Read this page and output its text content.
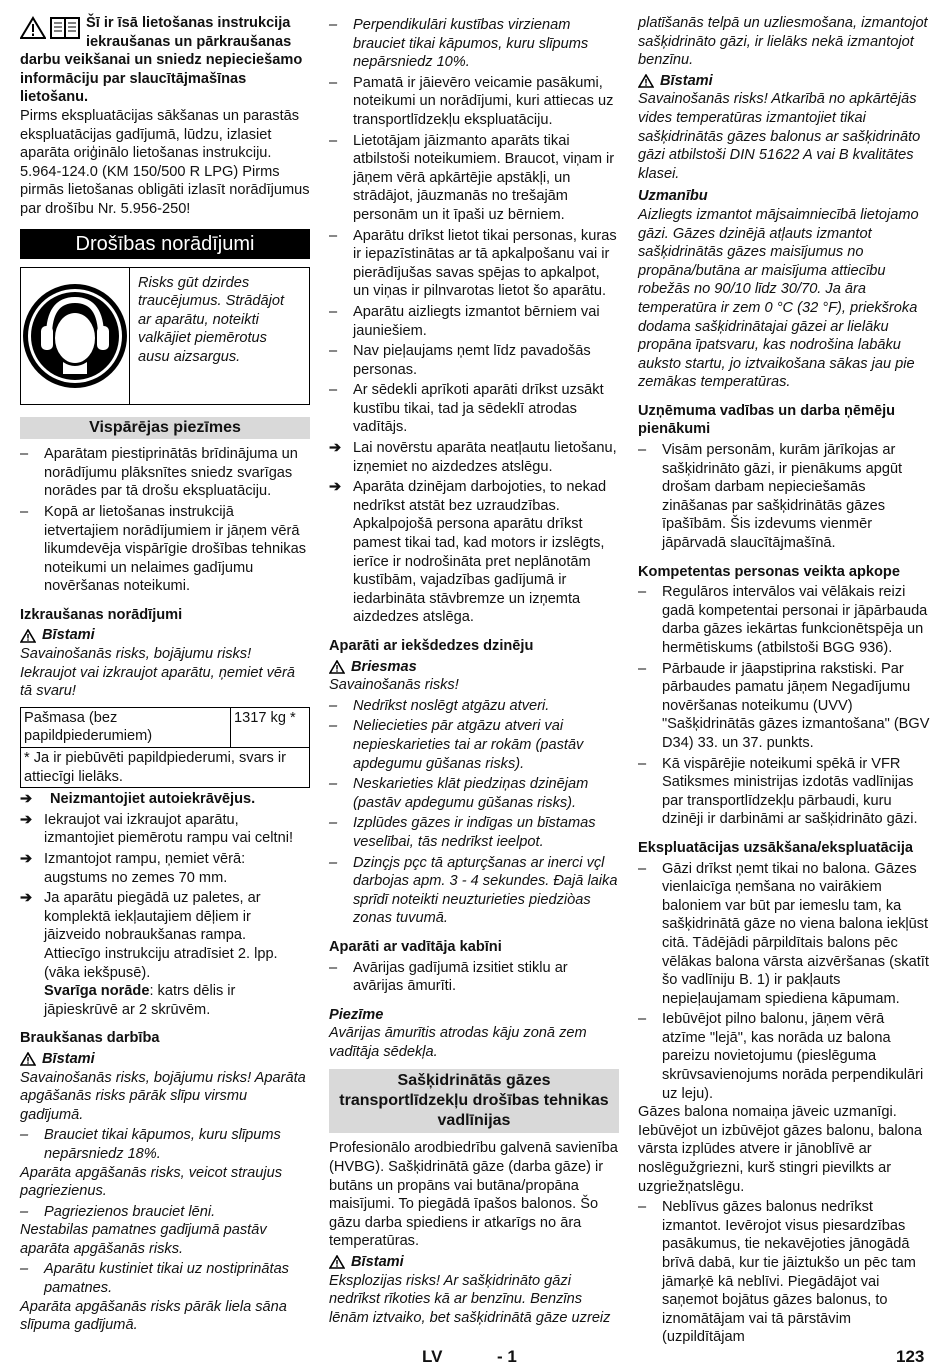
Šī ir īsā lietošanas instrukcija iekraušanas un pārkraušanas darbu veikšanai un sniedz nepieciešamo informāciju par slaucītājmašīnas lietošanu.

Pirms ekspluatācijas sākšanas un parastās ekspluatācijas gadījumā, lūdzu, izlasiet aparāta oriģinālo lietošanas instrukciju. 5.964-124.0 (KM 150/500 R LPG) Pirms pirmās lietošanas obligāti izlasīt norādījumus par drošību Nr. 5.956-250!

Drošības norādījumi
Risks gūt dzirdes traucējumus. Strādājot ar aparātu, noteikti valkājiet piemērotus ausu aizsargus.
Vispārējas piezīmes
–	Aparātam piestiprinātās brīdinājuma un norādījumu plāksnītes sniedz svarīgas norādes par tā drošu ekspluatāciju.
–	Kopā ar lietošanas instrukcijā ietvertajiem norādījumiem ir jāņem vērā likumdevēja vispārīgie drošības tehnikas noteikumi un nelaimes gadījumu novēršanas noteikumi.

Izkraušanas norādījumi

Bīstami

Savainošanās risks, bojājumu risks! Iekraujot vai izkraujot aparātu, ņemiet vērā tā svaru!

Pašmasa (bez papildpiederumiem)	1317 kg *
* Ja ir piebūvēti papildpiederumi, svars ir attiecīgi lielāks.
➔ Neizmantojiet autoiekrāvējus.
➔ Iekraujot vai izkraujot aparātu, izmantojiet piemērotu rampu vai celtni!
➔ Izmantojot rampu, ņemiet vērā: augstums no zemes 70 mm.
➔ Ja aparātu piegādā uz paletes, ar komplektā iekļautajiem dēļiem ir jāizveido nobraukšanas rampa.

Attiecīgo instrukciju atradīsiet 2. lpp. (vāka iekšpusē).

Svarīga norāde: katrs dēlis ir jāpieskrūvē ar 2 skrūvēm.

Braukšanas darbība

Bīstami

Savainošanās risks, bojājumu risks! Aparāta apgāšanās risks pārāk slīpu virsmu gadījumā.

–	Brauciet tikai kāpumos, kuru slīpums nepārsniedz 18%.

Aparāta apgāšanās risks, veicot straujus pagriezienus.

–	Pagriezienos brauciet lēni.

Nestabilas pamatnes gadījumā pastāv aparāta apgāšanās risks.

–	Aparātu kustiniet tikai uz nostiprinātas pamatnes.

Aparāta apgāšanās risks pārāk liela sāna slīpuma gadījumā.

–	Perpendikulāri kustības virzienam brauciet tikai kāpumos, kuru slīpums nepārsniedz 10%.
–	Pamatā ir jāievēro veicamie pasākumi, noteikumi un norādījumi, kuri attiecas uz transportlīdzekļu ekspluatāciju.
–	Lietotājam jāizmanto aparāts tikai atbilstoši noteikumiem. Braucot, viņam ir jāņem vērā apkārtējie apstākļi, un strādājot, jāuzmanās no trešajām personām un it īpaši uz bērniem.
–	Aparātu drīkst lietot tikai personas, kuras ir iepazīstinātas ar tā apkalpošanu vai ir pierādījušas savas spējas to apkalpot, un viņas ir pilnvarotas lietot šo aparātu.
–	Aparātu aizliegts izmantot bērniem vai jauniešiem.
–	Nav pieļaujams ņemt līdz pavadošās personas.
–	Ar sēdekli aprīkoti aparāti drīkst uzsākt kustību tikai, tad ja sēdeklī atrodas vadītājs.
➔ Lai novērstu aparāta neatļautu lietošanu, izņemiet no aizdedzes atslēgu.
➔ Aparāta dzinējam darbojoties, to nekad nedrīkst atstāt bez uzraudzības. Apkalpojošā persona aparātu drīkst pamest tikai tad, kad motors ir izslēgts, ierīce ir nodrošināta pret neplānotām kustībām, vajadzības gadījumā ir iedarbināta stāvbremze un izņemta aizdedzes atslēga.

Aparāti ar iekšdedzes dzinēju

Briesmas

Savainošanās risks!

–	Nedrīkst noslēgt atgāzu atveri.
–	Neliecieties pār atgāzu atveri vai nepieskarieties tai ar rokām (pastāv apdegumu gūšanas risks).
–	Neskarieties klāt piedziņas dzinējam (pastāv apdegumu gūšanas risks).
–	Izplūdes gāzes ir indīgas un bīstamas veselībai, tās nedrīkst ieelpot.
–	Dzinçjs pçc tā apturçšanas ar inerci vçl darbojas apm. 3 - 4 sekundes. Ðajā laika sprīdī noteikti neuzturieties piedziòas zonas tuvumā.

Aparāti ar vadītāja kabīni

–	Avārijas gadījumā izsitiet stiklu ar avārijas āmurīti.

Piezīme

Avārijas āmurītis atrodas kāju zonā zem vadītāja sēdekļa.

Sašķidrinātās gāzes transportlīdzekļu drošības tehnikas vadlīnijas

Profesionālo arodbiedrību galvenā savienība (HVBG). Sašķidrinātā gāze (darba gāze) ir butāns un propāns vai butāna/propāna maisījumi. To piegādā īpašos balonos. Šo gāzu darba spiediens ir atkarīgs no āra temperatūras.

Bīstami

Eksplozijas risks! Ar sašķidrināto gāzi nedrīkst rīkoties kā ar benzīnu. Benzīns lēnām iztvaiko, bet sašķidrinātā gāze uzreiz

platīšanās telpā un uzliesmošana, izmantojot sašķidrināto gāzi, ir lielāks nekā izmantojot benzīnu.

Bīstami

Savainošanās risks! Atkarībā no apkārtējās vides temperatūras izmantojiet tikai sašķidrinātās gāzes balonus ar sašķidrināto gāzi atbilstoši DIN 51622 A vai B kvalitātes klasei.

Uzmanību

Aizliegts izmantot mājsaimniecībā lietojamo gāzi. Gāzes dzinējā atļauts izmantot sašķidrinātās gāzes maisījumus no propāna/butāna ar maisījuma attiecību robežās no 90/10 līdz 30/70. Ja āra temperatūra ir zem 0 °C (32 °F), priekšroka dodama sašķidrinātajai gāzei ar lielāku propāna īpatsvaru, kas nodrošina labāku auksto startu, jo iztvaikošana sākas jau pie zemākas temperatūras.

Uzņēmuma vadības un darba ņēmēju pienākumi

–	Visām personām, kurām jārīkojas ar sašķidrināto gāzi, ir pienākums apgūt drošam darbam nepieciešamās zināšanas par sašķidrinātās gāzes īpašībām. Šis izdevums vienmēr jāpārvadā slaucītājmašīnā.

Kompetentas personas veikta apkope

–	Regulāros intervālos vai vēlākais reizi gadā kompetentai personai ir jāpārbauda darba gāzes iekārtas funkcionētspēja un hermētiskums (atbilstoši BGG 936).
–	Pārbaude ir jāapstiprina rakstiski. Par pārbaudes pamatu jāņem Negadījumu novēršanas noteikumu (UVV) "Sašķidrinātās gāzes izmantošana" (BGV D34) 33. un 37. punkts.
–	Kā vispārējie noteikumi spēkā ir VFR Satiksmes ministrijas izdotās vadlīnijas par transportlīdzekļu pārbaudi, kuru dzinēji ir darbināmi ar sašķidrināto gāzi.

Ekspluatācijas uzsākšana/ekspluatācija

–	Gāzi drīkst ņemt tikai no balona. Gāzes vienlaicīga ņemšana no vairākiem baloniem var būt par iemeslu tam, ka sašķidrinātā gāze no viena balona iekļūst citā. Tādējādi pārpildītais balons pēc vēlākas balona vārsta aizvēršanas (skatīt šo vadlīniju B. 1) ir pakļauts nepieļaujamam spiediena kāpumam.
–	Iebūvējot pilno balonu, jāņem vērā atzīme "lejā", kas norāda uz balona pareizu novietojumu (pieslēguma skrūvsavienojums norāda perpendikulāri uz leju).

Gāzes balona nomaiņa jāveic uzmanīgi. Iebūvējot un izbūvējot gāzes balonu, balona vārsta izplūdes atvere ir jānoblīvē ar noslēgužgriezni, kurš stingri pievilkts ar uzgriežņatslēgu.

–	Neblīvus gāzes balonus nedrīkst izmantot. Ievērojot visus piesardzības pasākumus, tie nekavējoties jānogādā brīvā dabā, kur tie jāiztukšo un pēc tam jāmarķē kā neblīvi. Piegādājot vai saņemot bojātus gāzes balonus, to iznomātājam vai tā pārstāvim (uzpildītājam
LV	- 1	123
